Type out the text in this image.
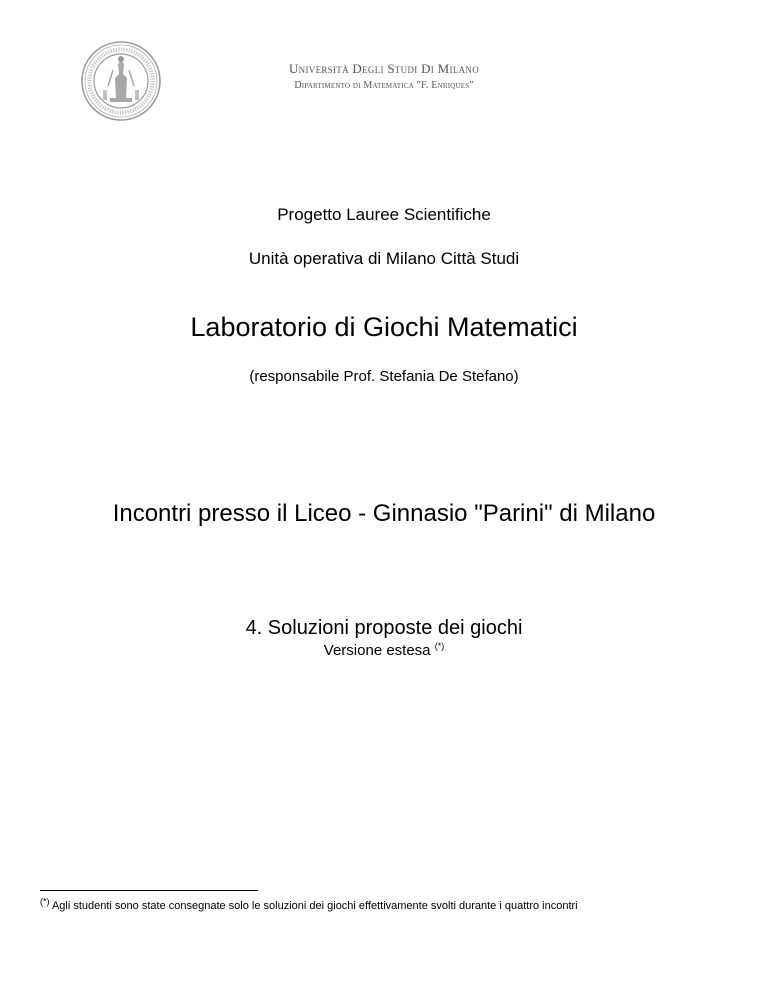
Università Degli Studi Di Milano
Dipartimento di Matematica "F. Enriques"
Progetto Lauree Scientifiche
Unità operativa di Milano Città Studi
Laboratorio di Giochi Matematici
(responsabile Prof. Stefania De Stefano)
Incontri presso il Liceo - Ginnasio "Parini" di Milano
4. Soluzioni proposte dei giochi
Versione estesa (*)
(*) Agli studenti sono state consegnate solo le soluzioni dei giochi effettivamente svolti durante i quattro incontri
